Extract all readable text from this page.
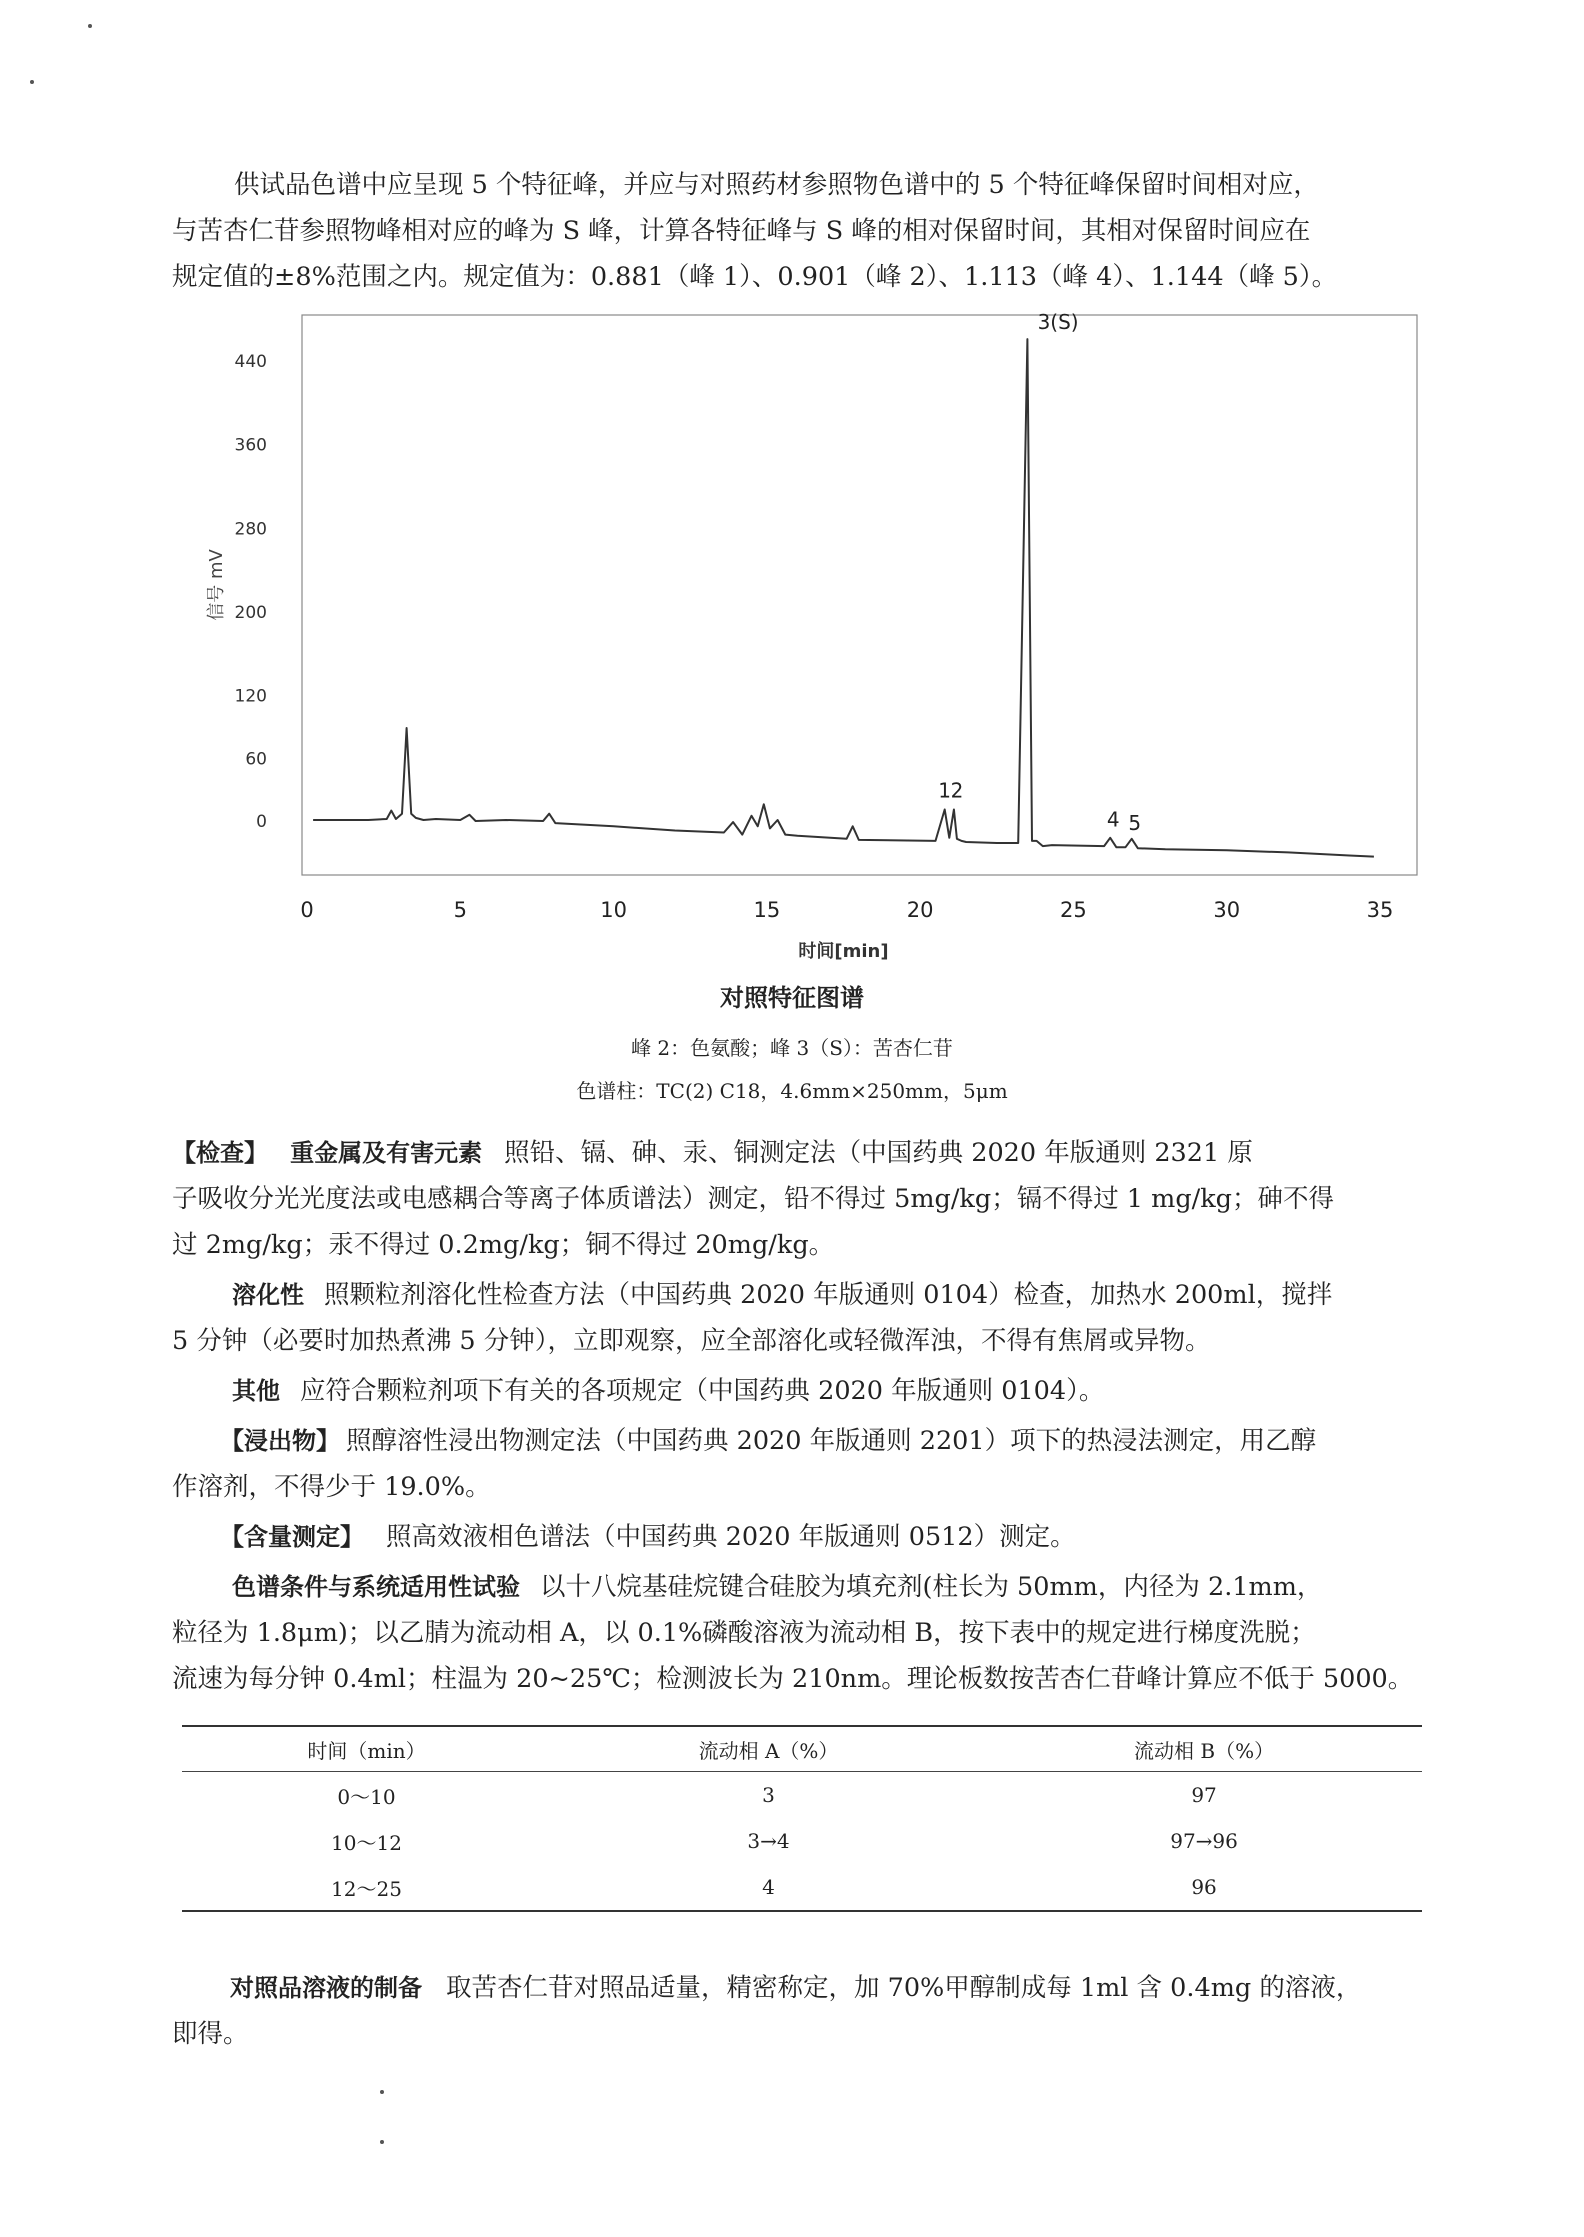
供试品色谱中应呈现 5 个特征峰，并应与对照药材参照物色谱中的 5 个特征峰保留时间相对应，
与苦杏仁苷参照物峰相对应的峰为 S 峰，计算各特征峰与 S 峰的相对保留时间，其相对保留时间应在
规定值的±8%范围之内。规定值为：0.881（峰 1）、0.901（峰 2）、1.113（峰 4）、1.144（峰 5）。
0
60
120
200
280
360
440
0	5	10	15	20	25	30	35
时间[min]
信号 mV
1 2
3(S)
4 5
对照特征图谱
峰 2：色氨酸；峰 3（S）：苦杏仁苷
色谱柱：TC(2) C18，4.6mm×250mm，5μm
【检查】 重金属及有害元素 照铅、镉、砷、汞、铜测定法（中国药典 2020 年版通则 2321 原
子吸收分光光度法或电感耦合等离子体质谱法）测定，铅不得过 5mg/kg；镉不得过 1 mg/kg；砷不得
过 2mg/kg；汞不得过 0.2mg/kg；铜不得过 20mg/kg。
溶化性 照颗粒剂溶化性检查方法（中国药典 2020 年版通则 0104）检查，加热水 200ml，搅拌
5 分钟（必要时加热煮沸 5 分钟），立即观察，应全部溶化或轻微浑浊，不得有焦屑或异物。
其他 应符合颗粒剂项下有关的各项规定（中国药典 2020 年版通则 0104）。
【浸出物】 照醇溶性浸出物测定法（中国药典 2020 年版通则 2201）项下的热浸法测定，用乙醇
作溶剂，不得少于 19.0%。
【含量测定】 照高效液相色谱法（中国药典 2020 年版通则 0512）测定。
色谱条件与系统适用性试验 以十八烷基硅烷键合硅胶为填充剂(柱长为 50mm，内径为 2.1mm，
粒径为 1.8μm)；以乙腈为流动相 A，以 0.1%磷酸溶液为流动相 B，按下表中的规定进行梯度洗脱；
流速为每分钟 0.4ml；柱温为 20~25℃；检测波长为 210nm。理论板数按苦杏仁苷峰计算应不低于 5000。
时间（min）	流动相 A（%）	流动相 B（%）
0～10	3	97
10～12	3→4	97→96
12～25	4	96
对照品溶液的制备 取苦杏仁苷对照品适量，精密称定，加 70%甲醇制成每 1ml 含 0.4mg 的溶液，
即得。
